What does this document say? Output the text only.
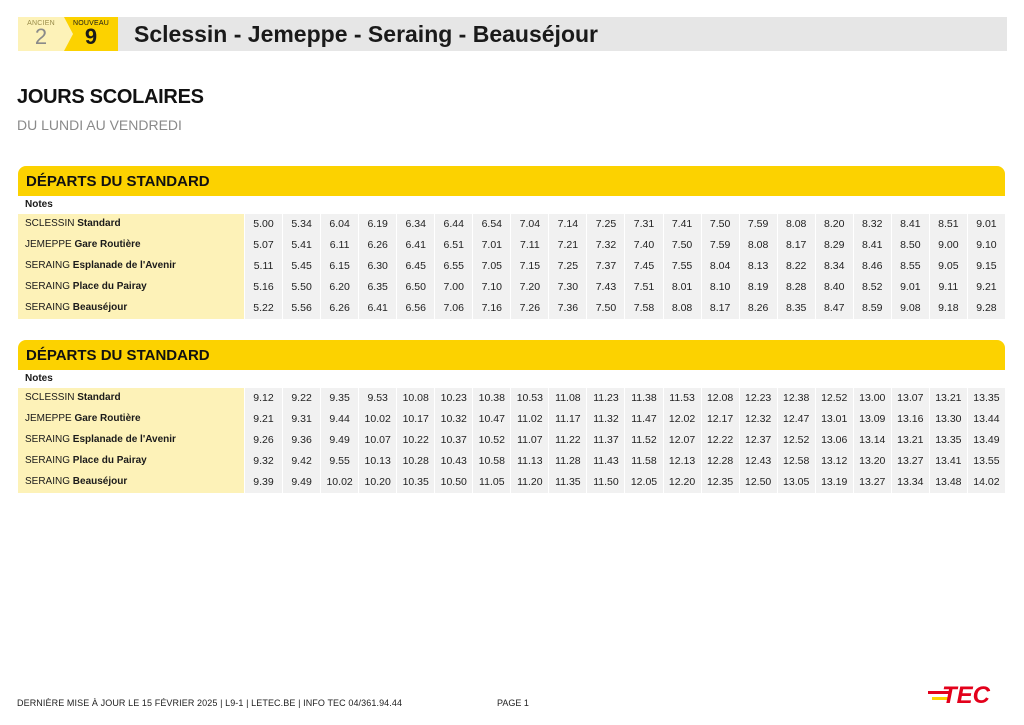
ANCIEN
2
NOUVEAU
9 Sclessin - Jemeppe - Seraing - Beauséjour
JOURS SCOLAIRES
DU LUNDI AU VENDREDI
DÉPARTS DU STANDARD
Notes
SCLESSIN Standard	5.00	5.34	6.04	6.19	6.34	6.44	6.54	7.04	7.14	7.25	7.31	7.41	7.50	7.59	8.08	8.20	8.32	8.41	8.51	9.01
JEMEPPE Gare Routière	5.07	5.41	6.11	6.26	6.41	6.51	7.01	7.11	7.21	7.32	7.40	7.50	7.59	8.08	8.17	8.29	8.41	8.50	9.00	9.10
SERAING Esplanade de l'Avenir	5.11	5.45	6.15	6.30	6.45	6.55	7.05	7.15	7.25	7.37	7.45	7.55	8.04	8.13	8.22	8.34	8.46	8.55	9.05	9.15
SERAING Place du Pairay	5.16	5.50	6.20	6.35	6.50	7.00	7.10	7.20	7.30	7.43	7.51	8.01	8.10	8.19	8.28	8.40	8.52	9.01	9.11	9.21
SERAING Beauséjour	5.22	5.56	6.26	6.41	6.56	7.06	7.16	7.26	7.36	7.50	7.58	8.08	8.17	8.26	8.35	8.47	8.59	9.08	9.18	9.28
DÉPARTS DU STANDARD
Notes
SCLESSIN Standard	9.12	9.22	9.35	9.53	10.08	10.23	10.38	10.53	11.08	11.23	11.38	11.53	12.08	12.23	12.38	12.52	13.00	13.07	13.21	13.35
JEMEPPE Gare Routière	9.21	9.31	9.44	10.02	10.17	10.32	10.47	11.02	11.17	11.32	11.47	12.02	12.17	12.32	12.47	13.01	13.09	13.16	13.30	13.44
SERAING Esplanade de l'Avenir	9.26	9.36	9.49	10.07	10.22	10.37	10.52	11.07	11.22	11.37	11.52	12.07	12.22	12.37	12.52	13.06	13.14	13.21	13.35	13.49
SERAING Place du Pairay	9.32	9.42	9.55	10.13	10.28	10.43	10.58	11.13	11.28	11.43	11.58	12.13	12.28	12.43	12.58	13.12	13.20	13.27	13.41	13.55
SERAING Beauséjour	9.39	9.49	10.02	10.20	10.35	10.50	11.05	11.20	11.35	11.50	12.05	12.20	12.35	12.50	13.05	13.19	13.27	13.34	13.48	14.02
DERNIÈRE MISE À JOUR LE 15 FÉVRIER 2025 | L9-1 | LETEC.BE | INFO TEC 04/361.94.44	PAGE 1	TEC
